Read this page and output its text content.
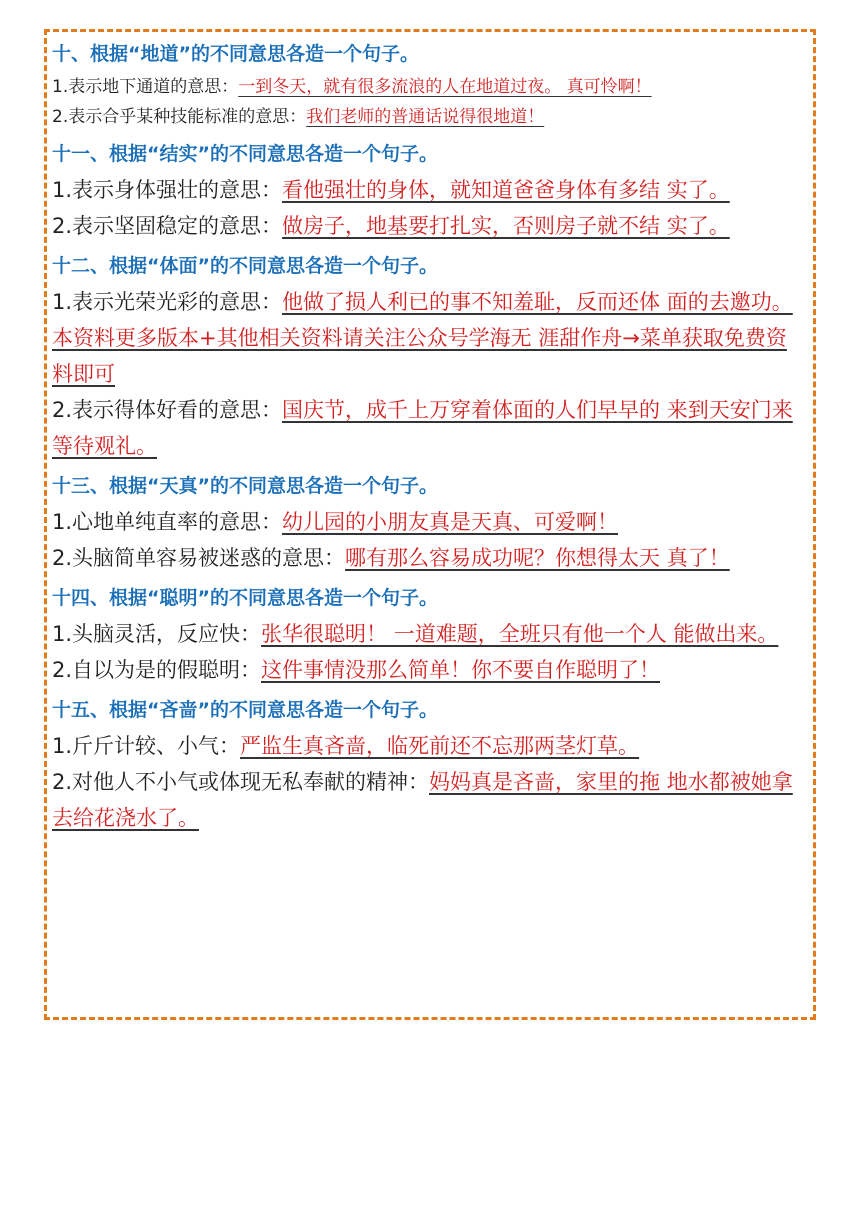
十、根据“地道”的不同意思各造一个句子。

1.表示地下通道的意思：一到冬天，就有很多流浪的人在地道过夜。 真可怜啊！

2.表示合乎某种技能标准的意思：我们老师的普通话说得很地道！

十一、根据“结实”的不同意思各造一个句子。

1.表示身体强壮的意思：看他强壮的身体，就知道爸爸身体有多结 实了。

2.表示坚固稳定的意思：做房子，地基要打扎实，否则房子就不结 实了。

十二、根据“体面”的不同意思各造一个句子。

1.表示光荣光彩的意思：他做了损人利已的事不知羞耻，反而还体 面的去邀功。本资料更多版本+其他相关资料请关注公众号学海无 涯甜作舟→菜单获取免费资料即可

2.表示得体好看的意思：国庆节，成千上万穿着体面的人们早早的 来到天安门来等待观礼。

十三、根据“天真”的不同意思各造一个句子。

1.心地单纯直率的意思：幼儿园的小朋友真是天真、可爱啊！

2.头脑简单容易被迷惑的意思：哪有那么容易成功呢？你想得太天 真了！

十四、根据“聪明”的不同意思各造一个句子。

1.头脑灵活，反应快：张华很聪明！ 一道难题，全班只有他一个人 能做出来。

2.自以为是的假聪明：这件事情没那么简单！你不要自作聪明了！

十五、根据“吝啬”的不同意思各造一个句子。

1.斤斤计较、小气：严监生真吝啬，临死前还不忘那两茎灯草。

2.对他人不小气或体现无私奉献的精神：妈妈真是吝啬，家里的拖 地水都被她拿去给花浇水了。
